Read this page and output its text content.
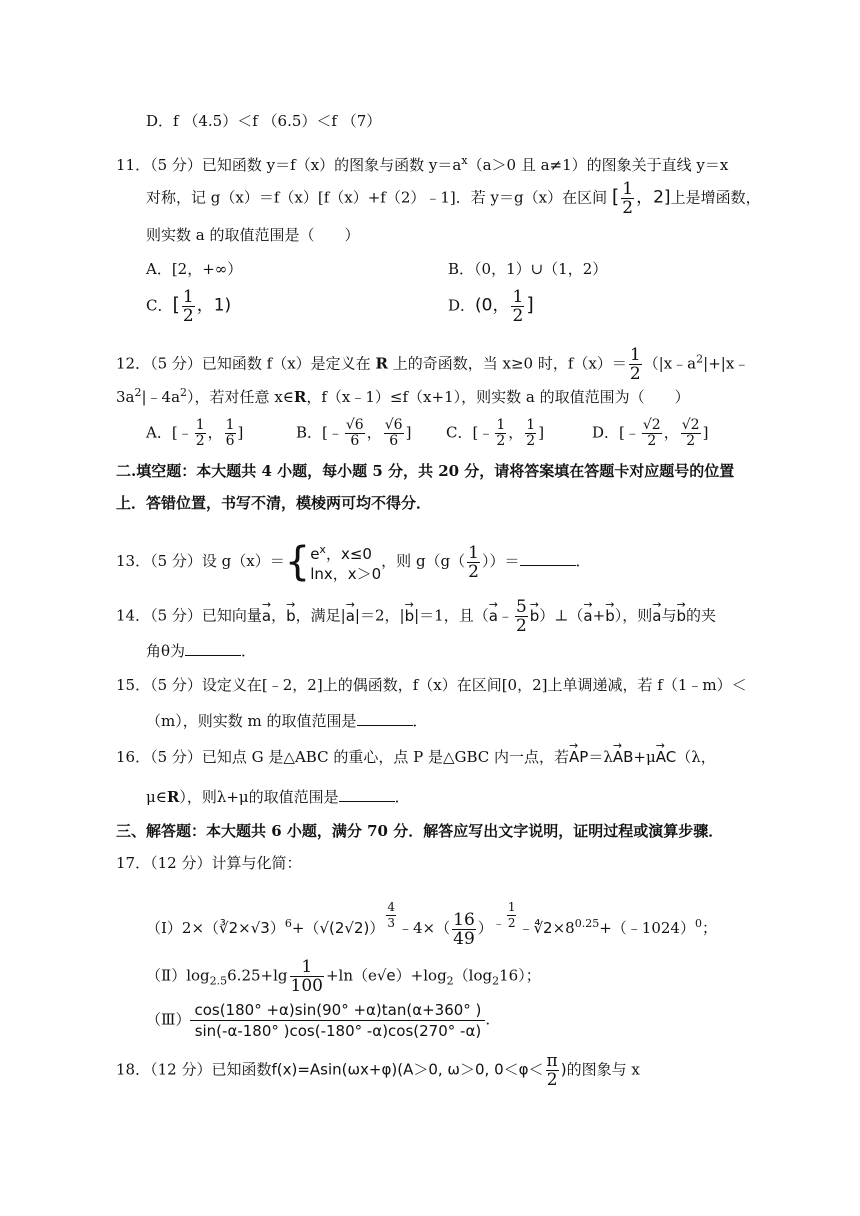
D．f （4.5）＜f （6.5）＜f （7）
11．（5 分）已知函数 y＝f（x）的图象与函数 $y=a^x(a>0$ 且 a≠1）的图象关于直线 y＝x
对称，记 g（x）＝f（x）[f（x）+f（2）﹣1]．若 y＝g（x）在区间 [ $\frac{1}{2}$ ，2]上是增函数，
则实数 a 的取值范围是（　　）
A．[2，+∞）	B．（0，1）∪（1，2）
C．[ $\frac{1}{2}$ ，1)	D．(0， $\frac{1}{2}$ ]
12．（5 分）已知函数 f（x）是定义在 R 上的奇函数，当 x≥0 时，$f(x)= \frac{1}{2}$ （$|x﹣a^2|+|x﹣$
$3a^2|﹣4a^2$），若对任意 x∈R，f（x﹣1）≤f（x+1），则实数 a 的取值范围为（　　）
A．[﹣ $\frac{1}{2}$ ， $\frac{1}{6}$ ]	B．[﹣ $\frac{√6}{6}$ ， $\frac{√6}{6}$ ] C．[﹣ $\frac{1}{2}$ ， $\frac{1}{2}$ ]	D．[﹣ $\frac{√2}{2}$ ， $\frac{√2}{2}$ ]
二.填空题：本大题共 4 小题，每小题 5 分，共 20 分，请将答案填在答题卡对应题号的位置
上．答错位置，书写不清，模棱两可均不得分．
13．（5 分）设 g（x）＝{ $e^x$，x≤0
lnx，x＞0
，则 $g(g( \frac{1}{2}$ ））＝	．
14．（5 分）已知向量→ a，→ b，满足|→ a|＝2，|→ b|＝1，且（→ a﹣ $\frac{5}{2}$
→ b）⊥（→ a+→ b），则→ a与→ b的夹
角θ为	．
15．（5 分）设定义在[﹣2，2]上的偶函数，f（x）在区间[0，2]上单调递减，若 f（1﹣m）＜
（m），则实数 m 的取值范围是	．
16．（5 分）已知点 G 是△ABC 的重心，点 P 是△GBC 内一点，若→ AP＝λ→ AB+μ→ AC（λ，
μ∈R），则λ+μ的取值范围是	．
三、解答题：本大题共 6 小题，满分 70 分．解答应写出文字说明，证明过程或演算步骤．
17．（12 分）计算与化简：
（Ⅰ）2×（∛2×√3）$^6$+（√(2√2)） $\frac{4}{3}$ ﹣4×（ $\frac{16}{49} )^﹣ \frac{1}{2}$ $﹣∜2\times 8^{0.25}+(﹣1024)^0$；
$(Ⅱ)\log_{2.5}6.25+\lg \frac{1}{100} +\ln(e√e)+\log_2(\log_216)$；
（Ⅲ） $\frac{\cos(180^\circ +\alpha)\sin(90^\circ +\alpha)\tan(\alpha+360^\circ )}{\sin(-\alpha-180^\circ )\cos(-180^\circ -\alpha)\cos(270^\circ -\alpha)}$ .
18．（12 分）已知函数f(x)=Asin(ωx+φ)(A＞0, ω＞0, $0<\varphi< \frac{\pi}{2}$ )的图象与 x
